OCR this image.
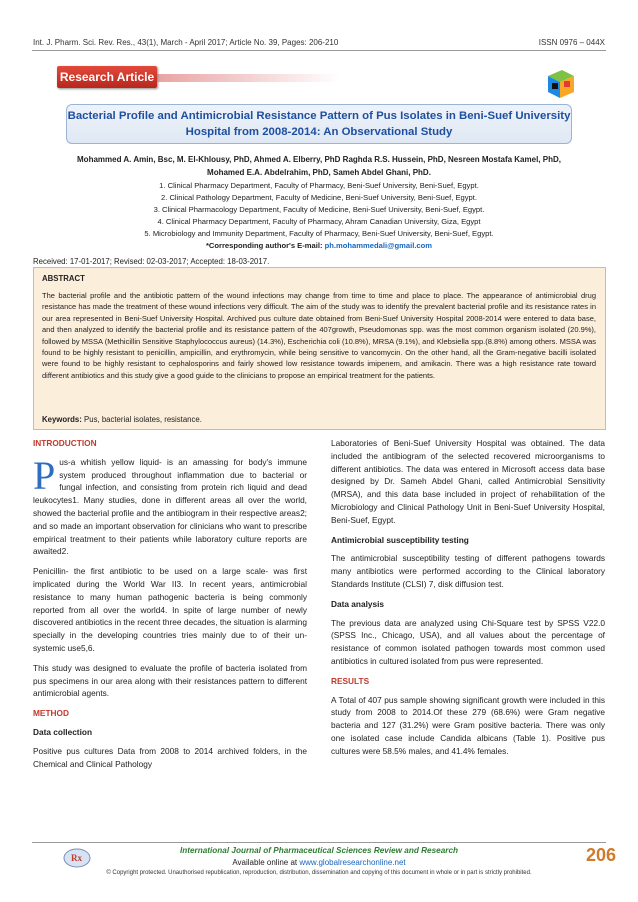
Int. J. Pharm. Sci. Rev. Res., 43(1), March - April 2017; Article No. 39, Pages: 206-210	ISSN 0976 – 044X
Research Article
Bacterial Profile and Antimicrobial Resistance Pattern of Pus Isolates in Beni-Suef University
Hospital from 2008-2014: An Observational Study
Mohammed A. Amin, Bsc, M. El-Khlousy, PhD, Ahmed A. Elberry, PhD Raghda R.S. Hussein, PhD, Nesreen Mostafa Kamel, PhD,
Mohamed E.A. Abdelrahim, PhD, Sameh Abdel Ghani, PhD.
1. Clinical Pharmacy Department, Faculty of Pharmacy, Beni-Suef University, Beni-Suef, Egypt.
2. Clinical Pathology Department, Faculty of Medicine, Beni-Suef University, Beni-Suef, Egypt.
3. Clinical Pharmacology Department, Faculty of Medicine, Beni-Suef University, Beni-Suef, Egypt.
4. Clinical Pharmacy Department, Faculty of Pharmacy, Ahram Canadian University, Giza, Egypt
5. Microbiology and Immunity Department, Faculty of Pharmacy, Beni-Suef University, Beni-Suef, Egypt.
*Corresponding author's E-mail: ph.mohammedali@gmail.com
Received: 17-01-2017; Revised: 02-03-2017; Accepted: 18-03-2017.
ABSTRACT
The bacterial profile and the antibiotic pattern of the wound infections may change from time to time and place to place. The appearance of antimicrobial drug resistance has made the treatment of these wound infections very difficult. The aim of the study was to identify the prevalent bacterial profile and its resistance rates in our area represented in Beni-Suef University Hospital. Archived pus culture date obtained from Beni-Suef University Hospital 2008-2014 were entered to data base, and then analyzed to identify the bacterial profile and its resistance pattern of the 407growth, Pseudomonas spp. was the most common organism isolated (20.9%), followed by MSSA (Methicillin Sensitive Staphylococcus aureus) (14.3%), Escherichia coli (10.8%), MRSA (9.1%), and Klebsiella spp.(8.8%) among others. MSSA was found to be highly resistant to penicillin, ampicillin, and erythromycin, while being sensitive to vancomycin. On the other hand, all the Gram-negative bacilli isolated were found to be highly resistant to cephalosporins and fairly showed low resistance towards imipenem, and amikacin. There was a high resistance rate toward different antibiotics and this study give a good guide to the clinicians to propose an empirical treatment for the patients.
Keywords: Pus, bacterial isolates, resistance.
INTRODUCTION
P us-a whitish yellow liquid- is an amassing for body's immune system produced throughout inflammation due to bacterial or fungal infection, and consisting from protein rich liquid and dead leukocytes1. Many studies, done in different areas all over the world, showed the bacterial profile and the antibiogram in their respective areas2; and so made an important observation for clinicians who want to prescribe empirical treatment to their patients while laboratory culture reports are awaited2.
Penicillin- the first antibiotic to be used on a large scale- was first implicated during the World War II3. In recent years, antimicrobial resistance to many human pathogenic bacteria is being commonly reported from all over the world4. In spite of large number of newly discovered antibiotics in the recent three decades, the situation is alarming specially in the developing countries tries mainly due to of their un-systemic use5,6.
This study was designed to evaluate the profile of bacteria isolated from pus specimens in our area along with their resistances pattern to different antimicrobial agents.
METHOD
Data collection
Positive pus cultures Data from 2008 to 2014 archived folders, in the Chemical and Clinical Pathology
Laboratories of Beni-Suef University Hospital was obtained. The data included the antibiogram of the selected recovered microorganisms to different antibiotics. The data was entered in Microsoft access data base designed by Dr. Sameh Abdel Ghani, called Antimicrobial Sensitivity (MRSA), and this data base included in project of rehabilitation of the Microbiology and Clinical Pathology Unit in Beni-Suef University Hospital, Beni-Suef, Egypt.
Antimicrobial susceptibility testing
The antimicrobial susceptibility testing of different pathogens towards many antibiotics were performed according to the Clinical laboratory Standards Institute (CLSI) 7, disk diffusion test.
Data analysis
The previous data are analyzed using Chi-Square test by SPSS V22.0 (SPSS Inc., Chicago, USA), and all values about the percentage of resistance of common isolated pathogen towards most common used antibiotics in cultured isolated from pus were represented.
RESULTS
A Total of 407 pus sample showing significant growth were included in this study from 2008 to 2014.Of these 279 (68.6%) were Gram negative bacteria and 127 (31.2%) were Gram positive bacteria. There was only one isolated case include Candida albicans (Table 1). Positive pus cultures were 58.5% males, and 41.4% females.
Rx
International Journal of Pharmaceutical Sciences Review and Research
Available online at www.globalresearchonline.net
© Copyright protected. Unauthorised republication, reproduction, distribution, dissemination and copying of this document in whole or in part is strictly prohibited.
206
